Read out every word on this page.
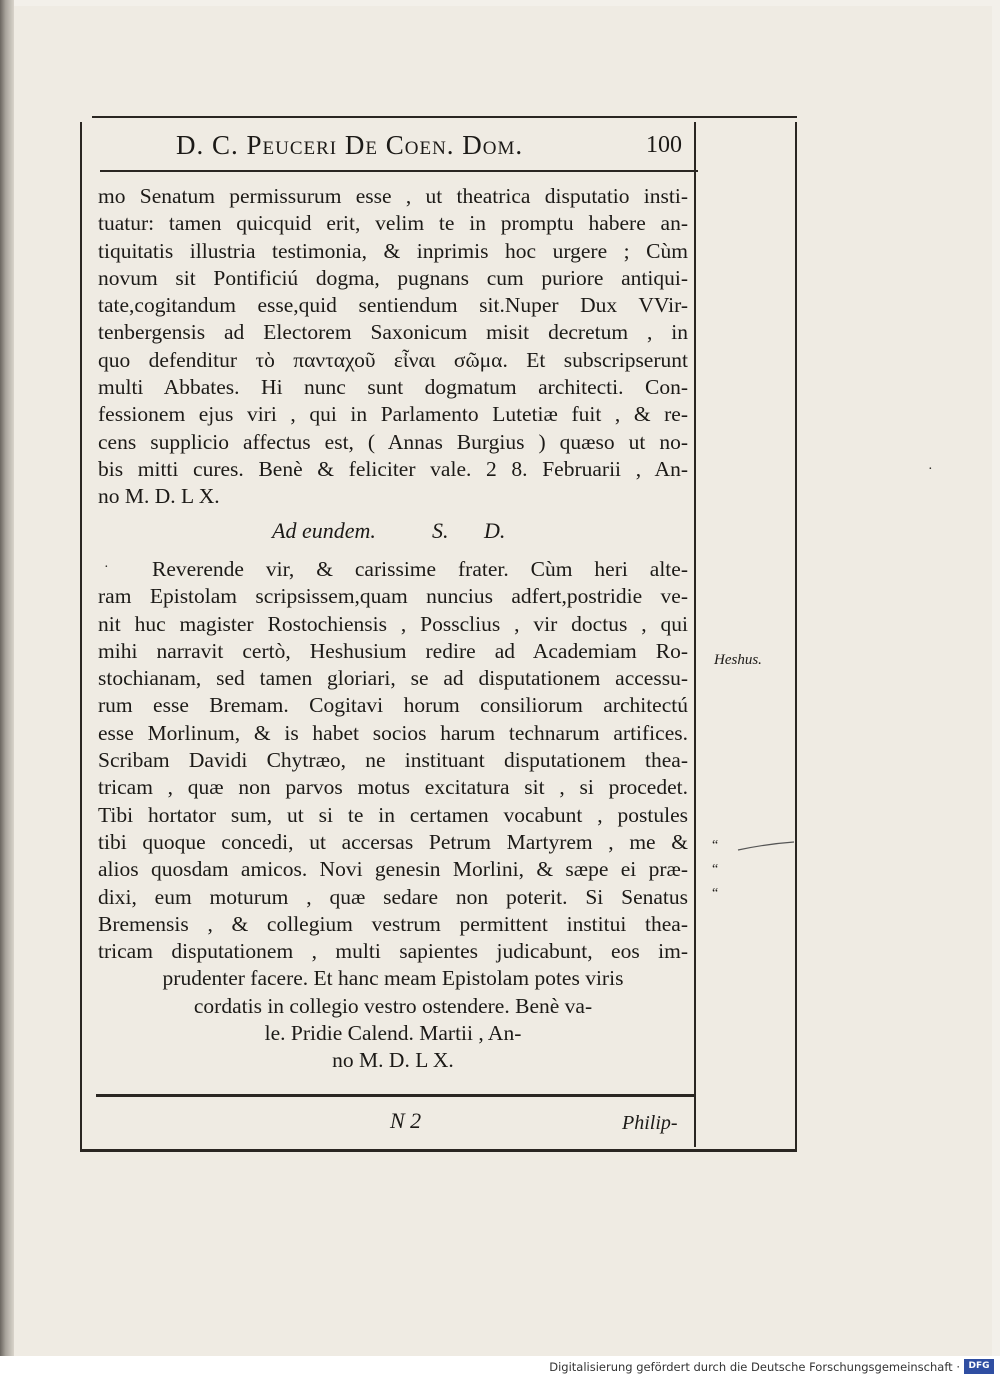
D. C. Peuceri De Coen. Dom.	100
mo Senatum permissurum esse , ut theatrica disputatio insti-
tuatur: tamen quicquid erit, velim te in promptu habere an-
tiquitatis illustria testimonia, & inprimis hoc urgere ; Cùm
novum sit Pontificiú dogma, pugnans cum puriore antiqui-
tate,cogitandum esse,quid sentiendum sit.Nuper Dux VVir-
tenbergensis ad Electorem Saxonicum misit decretum , in
quo defenditur τὸ πανταχοῦ εἶναι σῶμα. Et subscripserunt
multi Abbates. Hi nunc sunt dogmatum architecti. Con-
fessionem ejus viri , qui in Parlamento Lutetiæ fuit , & re-
cens supplicio affectus est, ( Annas Burgius ) quæso ut no-
bis mitti cures. Benè & feliciter vale. 2 8. Februarii , An-
no M. D. L X.
Ad eundem.	S. D.
Reverende vir, & carissime frater. Cùm heri alte-
ram Epistolam scripsissem,quam nuncius adfert,postridie ve-
nit huc magister Rostochiensis , Possclius , vir doctus , qui
mihi narravit certò, Heshusium redire ad Academiam Ro-
stochianam, sed tamen gloriari, se ad disputationem accessu-
rum esse Bremam. Cogitavi horum consiliorum architectú
esse Morlinum, & is habet socios harum technarum artifices.
Scribam Davidi Chytræo, ne instituant disputationem thea-
tricam , quæ non parvos motus excitatura sit , si procedet.
Tibi hortator sum, ut si te in certamen vocabunt , postules
tibi quoque concedi, ut accersas Petrum Martyrem , me &
alios quosdam amicos. Novi genesin Morlini, & sæpe ei præ-
dixi, eum moturum , quæ sedare non poterit. Si Senatus
Bremensis , & collegium vestrum permittent institui thea-
tricam disputationem , multi sapientes judicabunt, eos im-
prudenter facere. Et hanc meam Epistolam potes viris
cordatis in collegio vestro ostendere. Benè va-
le. Pridie Calend. Martii , An-
no M. D. L X.
·
Heshus.
“
“
“
·
N 2	Philip-
Digitalisierung gefördert durch die Deutsche Forschungsgemeinschaft · DFG
